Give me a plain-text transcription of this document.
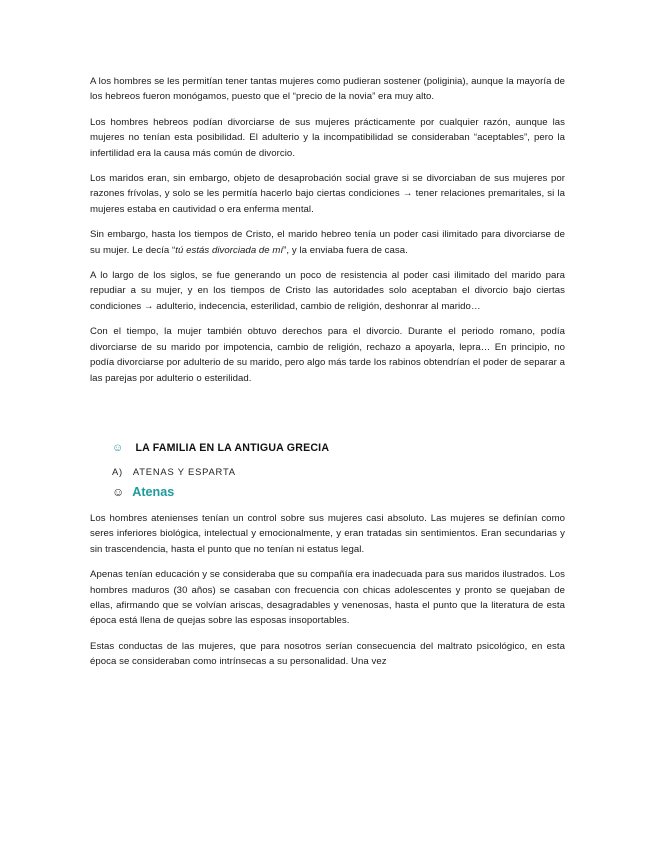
A los hombres se les permitían tener tantas mujeres como pudieran sostener (poliginia), aunque la mayoría de los hebreos fueron monógamos, puesto que el “precio de la novia” era muy alto.

Los hombres hebreos podían divorciarse de sus mujeres prácticamente por cualquier razón, aunque las mujeres no tenían esta posibilidad. El adulterio y la incompatibilidad se consideraban “aceptables”, pero la infertilidad era la causa más común de divorcio.

Los maridos eran, sin embargo, objeto de desaprobación social grave si se divorciaban de sus mujeres por razones frívolas, y solo se les permitía hacerlo bajo ciertas condiciones → tener relaciones premaritales, si la mujeres estaba en cautividad o era enferma mental.

Sin embargo, hasta los tiempos de Cristo, el marido hebreo tenía un poder casi ilimitado para divorciarse de su mujer. Le decía “tú estás divorciada de mí”, y la enviaba fuera de casa.

A lo largo de los siglos, se fue generando un poco de resistencia al poder casi ilimitado del marido para repudiar a su mujer, y en los tiempos de Cristo las autoridades solo aceptaban el divorcio bajo ciertas condiciones → adulterio, indecencia, esterilidad, cambio de religión, deshonrar al marido…

Con el tiempo, la mujer también obtuvo derechos para el divorcio. Durante el periodo romano, podía divorciarse de su marido por impotencia, cambio de religión, rechazo a apoyarla, lepra… En principio, no podía divorciarse por adulterio de su marido, pero algo más tarde los rabinos obtendrían el poder de separar a las parejas por adulterio o esterilidad.

☺ LA FAMILIA EN LA ANTIGUA GRECIA
A) ATENAS Y ESPARTA
☺ Atenas

Los hombres atenienses tenían un control sobre sus mujeres casi absoluto. Las mujeres se definían como seres inferiores biológica, intelectual y emocionalmente, y eran tratadas sin sentimientos. Eran secundarias y sin trascendencia, hasta el punto que no tenían ni estatus legal.

Apenas tenían educación y se consideraba que su compañía era inadecuada para sus maridos ilustrados. Los hombres maduros (30 años) se casaban con frecuencia con chicas adolescentes y pronto se quejaban de ellas, afirmando que se volvían ariscas, desagradables y venenosas, hasta el punto que la literatura de esta época está llena de quejas sobre las esposas insoportables.

Estas conductas de las mujeres, que para nosotros serían consecuencia del maltrato psicológico, en esta época se consideraban como intrínsecas a su personalidad. Una vez
